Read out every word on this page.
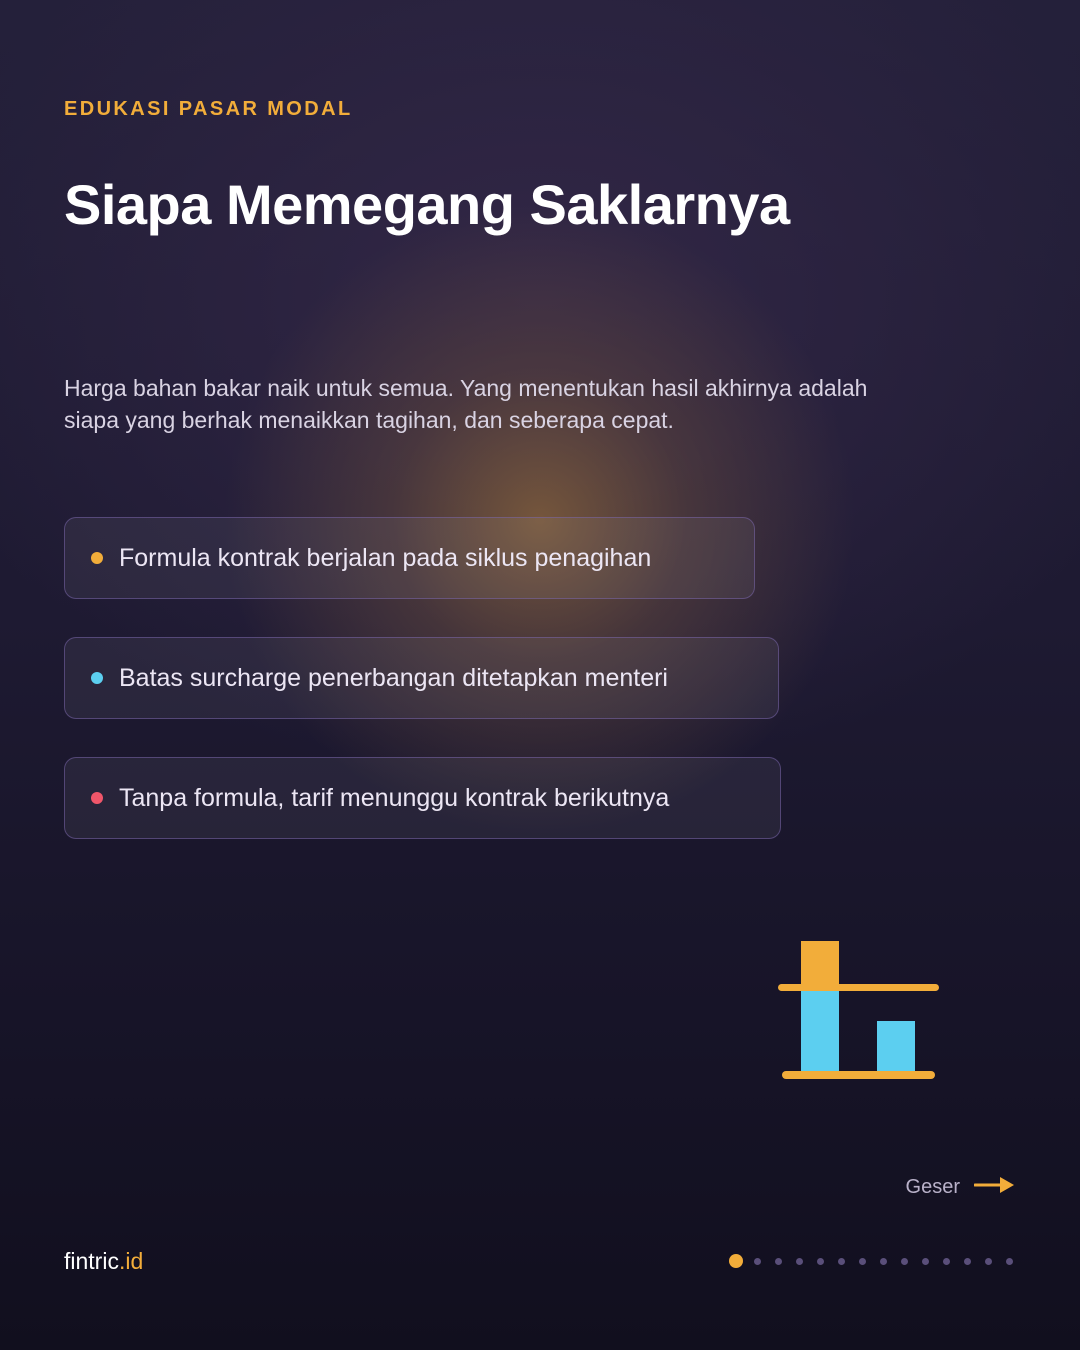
EDUKASI PASAR MODAL
Siapa Memegang Saklarnya
Harga bahan bakar naik untuk semua. Yang menentukan hasil akhirnya adalah siapa yang berhak menaikkan tagihan, dan seberapa cepat.
Formula kontrak berjalan pada siklus penagihan
Batas surcharge penerbangan ditetapkan menteri
Tanpa formula, tarif menunggu kontrak berikutnya
Geser
fintric.id
